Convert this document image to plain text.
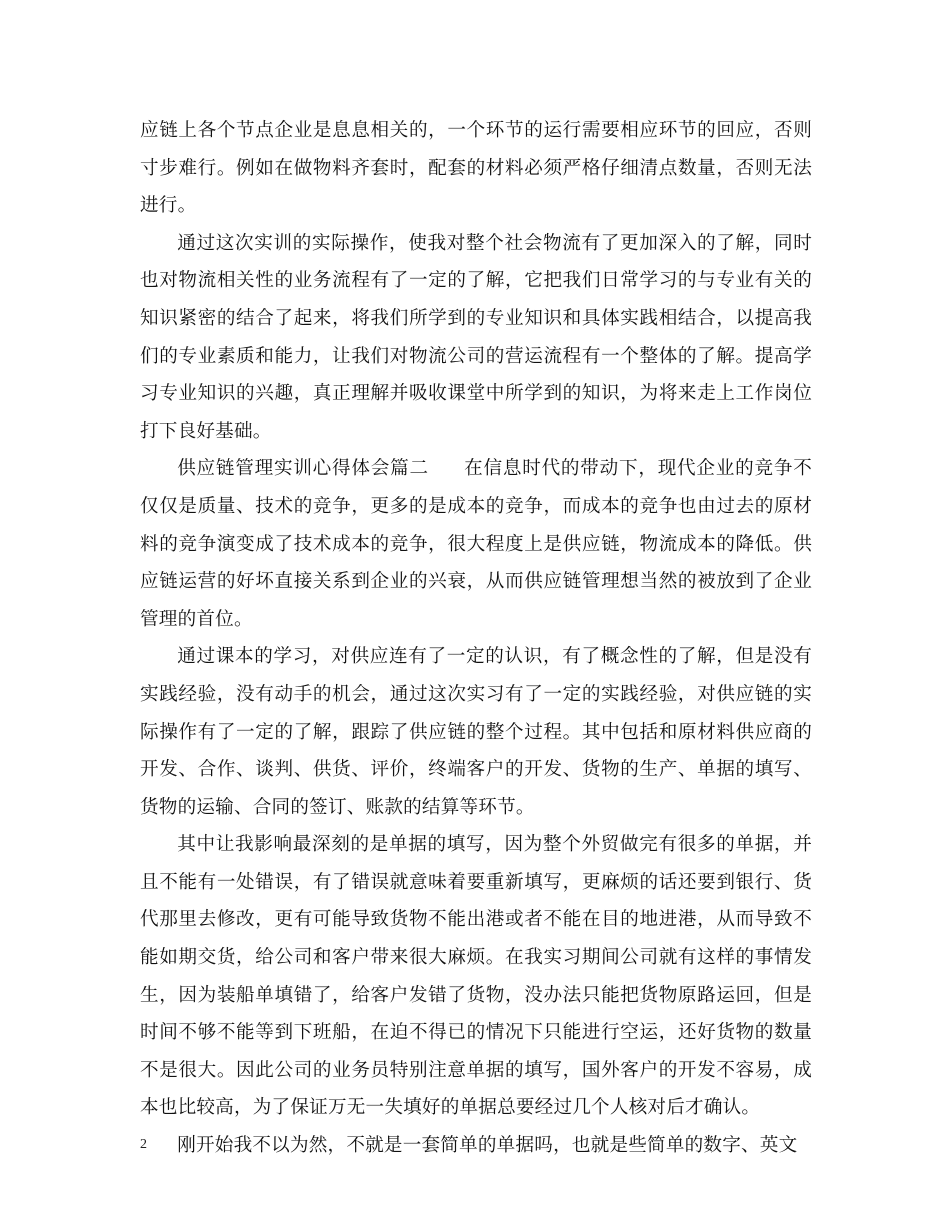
应链上各个节点企业是息息相关的，一个环节的运行需要相应环节的回应，否则寸步难行。例如在做物料齐套时，配套的材料必须严格仔细清点数量，否则无法进行。

通过这次实训的实际操作，使我对整个社会物流有了更加深入的了解，同时也对物流相关性的业务流程有了一定的了解，它把我们日常学习的与专业有关的知识紧密的结合了起来，将我们所学到的专业知识和具体实践相结合，以提高我们的专业素质和能力，让我们对物流公司的营运流程有一个整体的了解。提高学习专业知识的兴趣，真正理解并吸收课堂中所学到的知识，为将来走上工作岗位打下良好基础。

供应链管理实训心得体会篇二 在信息时代的带动下，现代企业的竞争不仅仅是质量、技术的竞争，更多的是成本的竞争，而成本的竞争也由过去的原材料的竞争演变成了技术成本的竞争，很大程度上是供应链，物流成本的降低。供应链运营的好坏直接关系到企业的兴衰，从而供应链管理想当然的被放到了企业管理的首位。

通过课本的学习，对供应连有了一定的认识，有了概念性的了解，但是没有实践经验，没有动手的机会，通过这次实习有了一定的实践经验，对供应链的实际操作有了一定的了解，跟踪了供应链的整个过程。其中包括和原材料供应商的开发、合作、谈判、供货、评价，终端客户的开发、货物的生产、单据的填写、货物的运输、合同的签订、账款的结算等环节。

其中让我影响最深刻的是单据的填写，因为整个外贸做完有很多的单据，并且不能有一处错误，有了错误就意味着要重新填写，更麻烦的话还要到银行、货代那里去修改，更有可能导致货物不能出港或者不能在目的地进港，从而导致不能如期交货，给公司和客户带来很大麻烦。在我实习期间公司就有这样的事情发生，因为装船单填错了，给客户发错了货物，没办法只能把货物原路运回，但是时间不够不能等到下班船，在迫不得已的情况下只能进行空运，还好货物的数量不是很大。因此公司的业务员特别注意单据的填写，国外客户的开发不容易，成本也比较高，为了保证万无一失填好的单据总要经过几个人核对后才确认。

刚开始我不以为然，不就是一套简单的单据吗，也就是些简单的数字、英文

2
